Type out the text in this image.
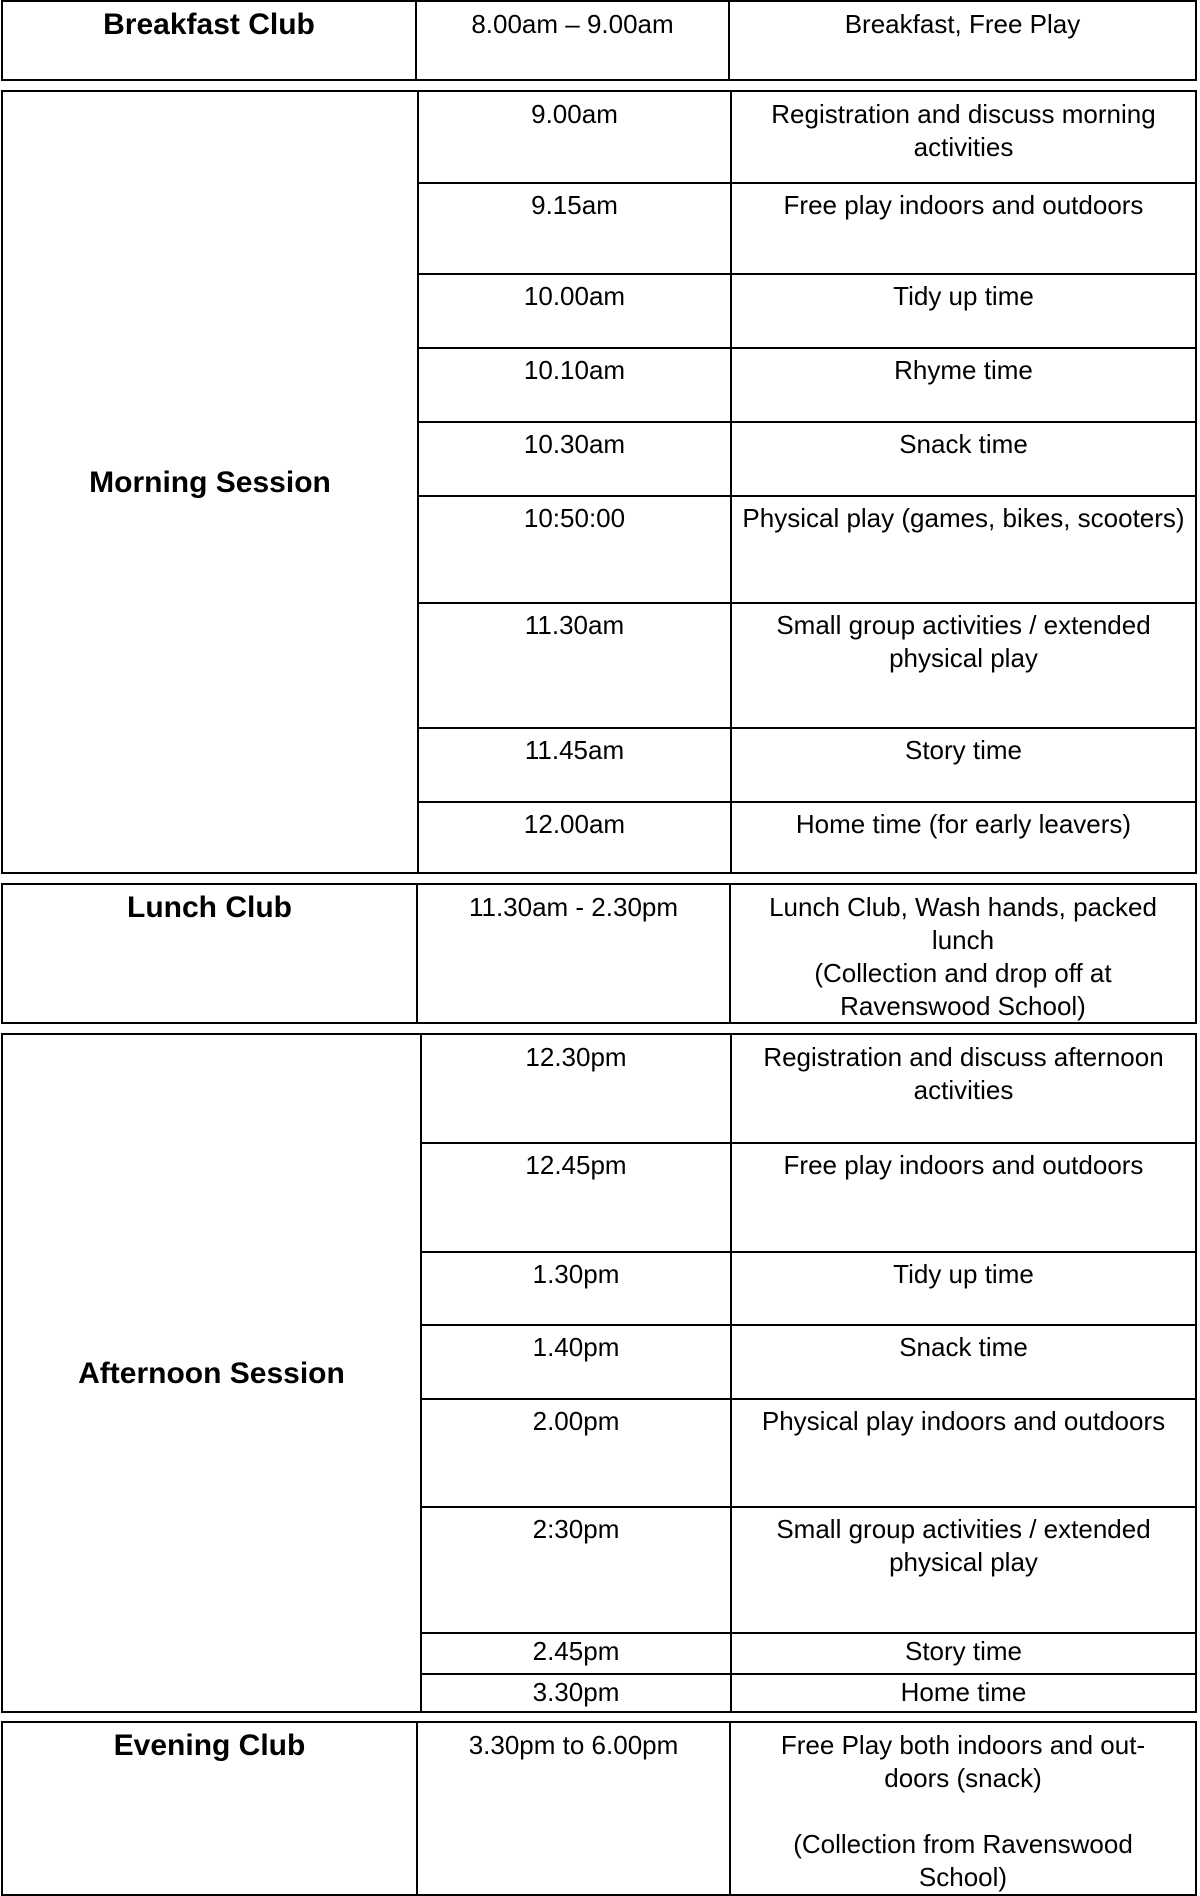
Breakfast Club	8.00am – 9.00am	Breakfast, Free Play
Morning Session
9.00am	Registration and discuss morning activities
9.15am	Free play indoors and outdoors
10.00am	Tidy up time
10.10am	Rhyme time
10.30am	Snack time
10:50:00	Physical play (games, bikes, scooters)
11.30am	Small group activities / extended physical play
11.45am	Story time
12.00am	Home time (for early leavers)
Lunch Club	11.30am - 2.30pm	Lunch Club, Wash hands, packed lunch
(Collection and drop off at Ravenswood School)
Afternoon Session
12.30pm	Registration and discuss afternoon activities
12.45pm	Free play indoors and outdoors
1.30pm	Tidy up time
1.40pm	Snack time
2.00pm	Physical play indoors and outdoors
2:30pm	Small group activities / extended physical play
2.45pm	Story time
3.30pm	Home time
Evening Club	3.30pm to 6.00pm	Free Play both indoors and out-doors (snack)
(Collection from Ravenswood School)
